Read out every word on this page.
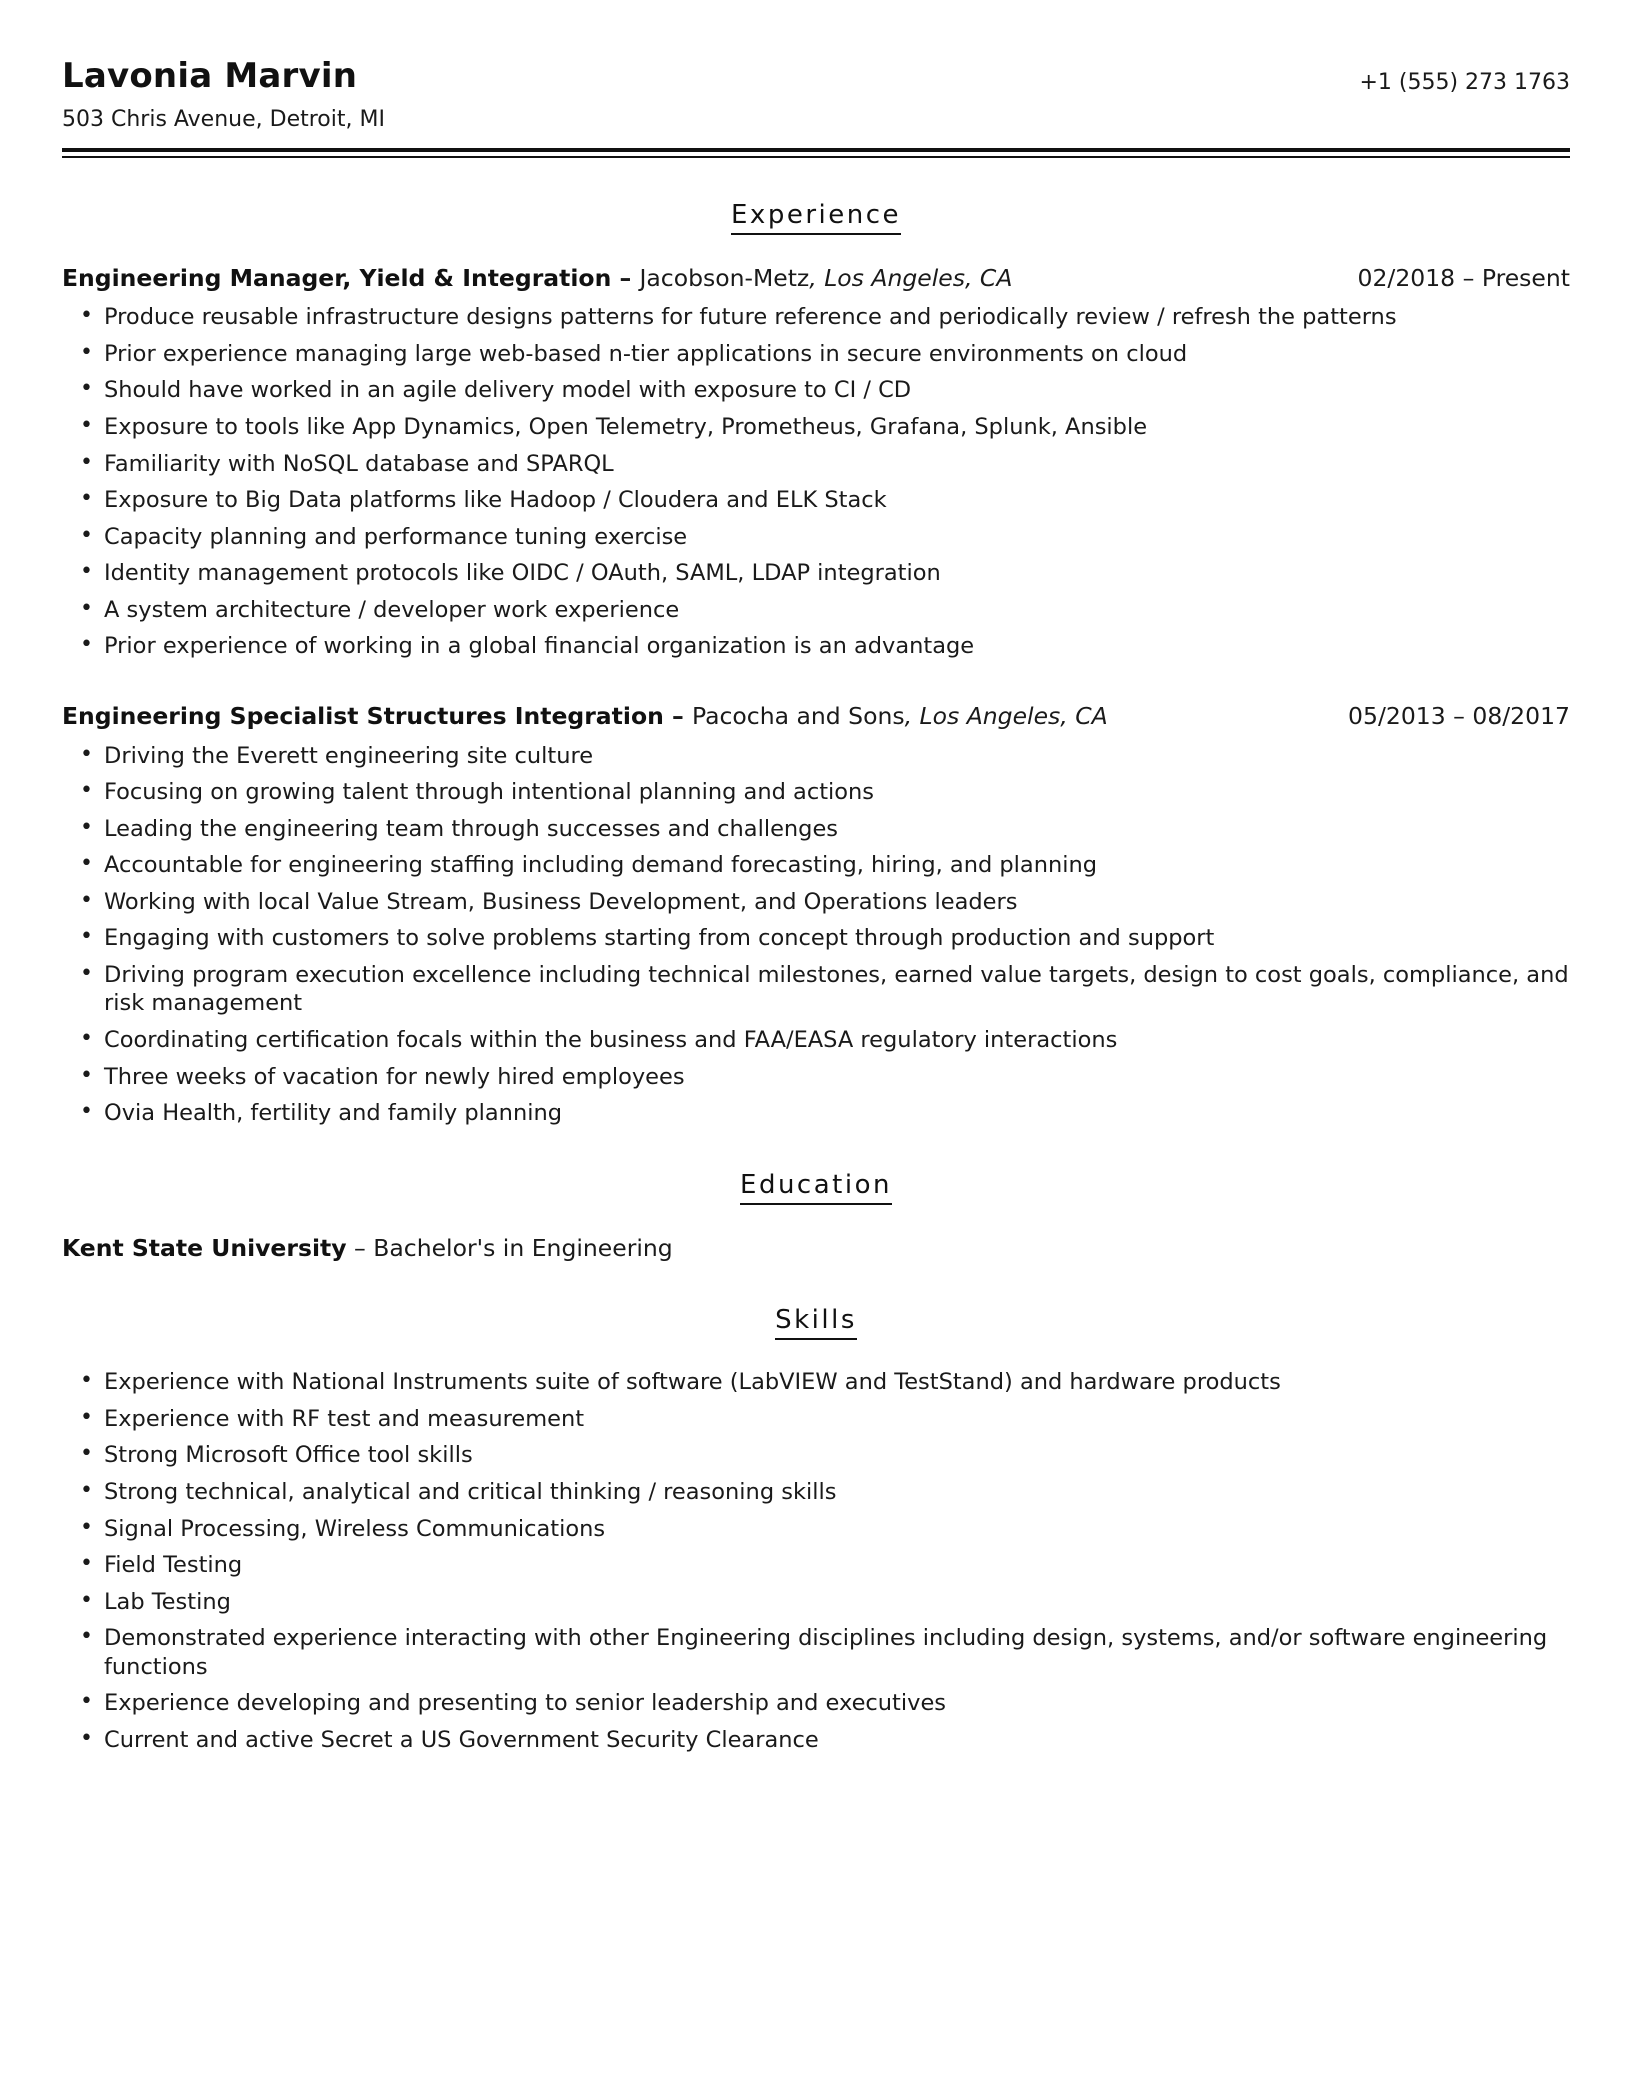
Lavonia Marvin
503 Chris Avenue, Detroit, MI
+1 (555) 273 1763
Experience
Engineering Manager, Yield & Integration – Jacobson-Metz, Los Angeles, CA	02/2018 – Present
• Produce reusable infrastructure designs patterns for future reference and periodically review / refresh the patterns
• Prior experience managing large web-based n-tier applications in secure environments on cloud
• Should have worked in an agile delivery model with exposure to CI / CD
• Exposure to tools like App Dynamics, Open Telemetry, Prometheus, Grafana, Splunk, Ansible
• Familiarity with NoSQL database and SPARQL
• Exposure to Big Data platforms like Hadoop / Cloudera and ELK Stack
• Capacity planning and performance tuning exercise
• Identity management protocols like OIDC / OAuth, SAML, LDAP integration
• A system architecture / developer work experience
• Prior experience of working in a global financial organization is an advantage
Engineering Specialist Structures Integration – Pacocha and Sons, Los Angeles, CA	05/2013 – 08/2017
• Driving the Everett engineering site culture
• Focusing on growing talent through intentional planning and actions
• Leading the engineering team through successes and challenges
• Accountable for engineering staffing including demand forecasting, hiring, and planning
• Working with local Value Stream, Business Development, and Operations leaders
• Engaging with customers to solve problems starting from concept through production and support
• Driving program execution excellence including technical milestones, earned value targets, design to cost goals, compliance, and risk management
• Coordinating certification focals within the business and FAA/EASA regulatory interactions
• Three weeks of vacation for newly hired employees
• Ovia Health, fertility and family planning
Education
Kent State University – Bachelor's in Engineering
Skills
• Experience with National Instruments suite of software (LabVIEW and TestStand) and hardware products
• Experience with RF test and measurement
• Strong Microsoft Office tool skills
• Strong technical, analytical and critical thinking / reasoning skills
• Signal Processing, Wireless Communications
• Field Testing
• Lab Testing
• Demonstrated experience interacting with other Engineering disciplines including design, systems, and/or software engineering functions
• Experience developing and presenting to senior leadership and executives
• Current and active Secret a US Government Security Clearance
